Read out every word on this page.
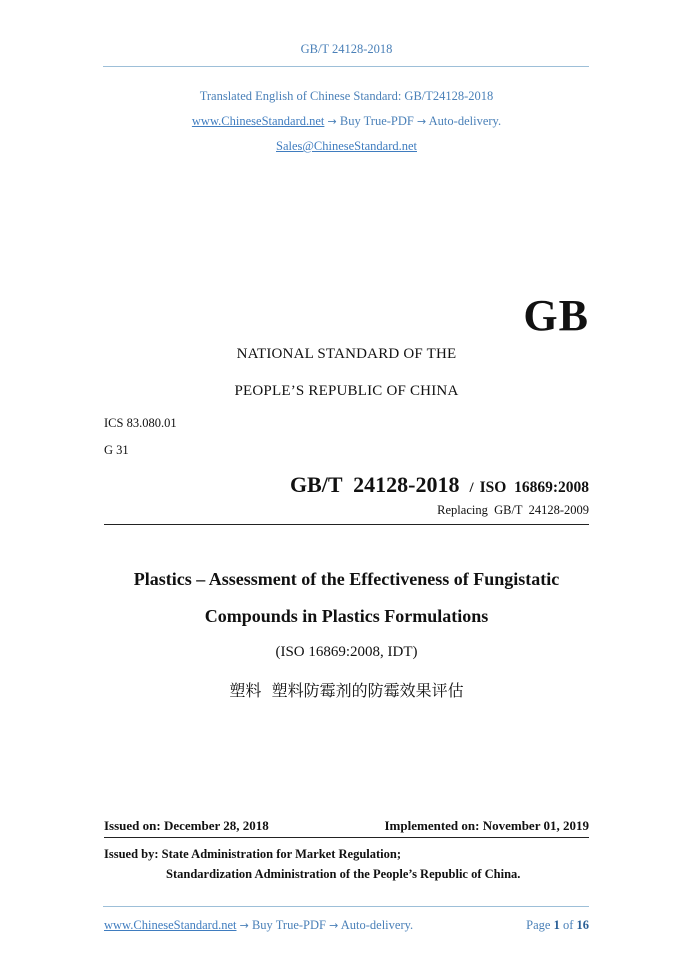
GB/T 24128-2018
Translated English of Chinese Standard: GB/T24128-2018
www.ChineseStandard.net → Buy True-PDF → Auto-delivery.
Sales@ChineseStandard.net
GB
NATIONAL STANDARD OF THE
PEOPLE’S REPUBLIC OF CHINA
ICS 83.080.01
G 31
GB/T  24128-2018 / ISO  16869:2008
Replacing  GB/T  24128-2009
Plastics – Assessment of the Effectiveness of Fungistatic
Compounds in Plastics Formulations
(ISO 16869:2008, IDT)
塑料  塑料防霉剂的防霉效果评估
Issued on: December 28, 2018	Implemented on: November 01, 2019
Issued by: State Administration for Market Regulation;
Standardization Administration of the People’s Republic of China.
www.ChineseStandard.net → Buy True-PDF → Auto-delivery.	Page 1 of 16
